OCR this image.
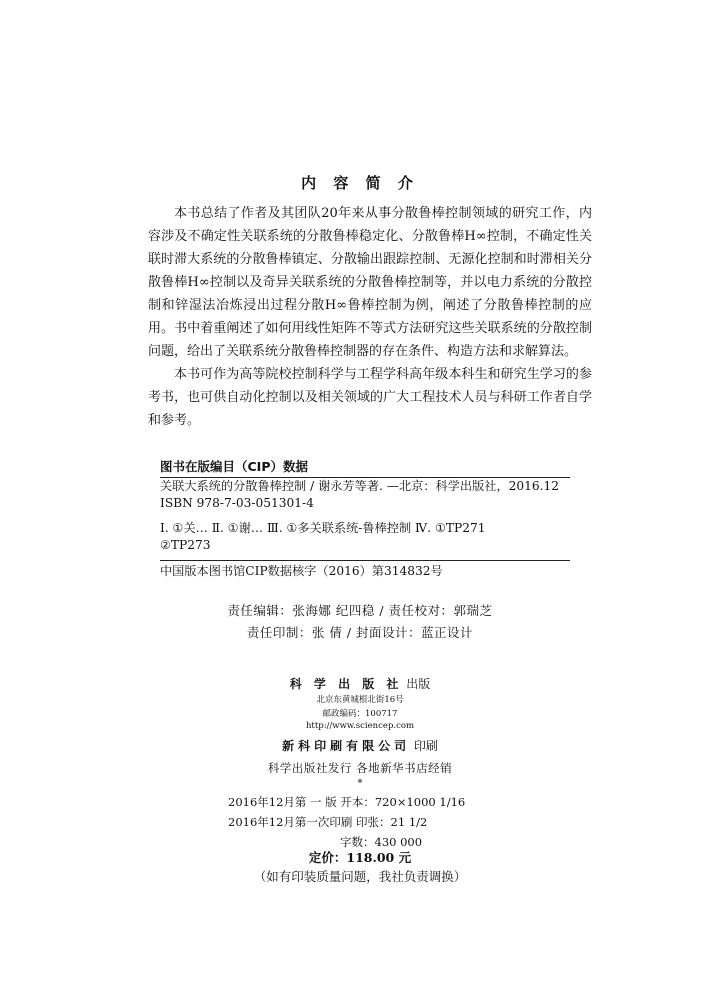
内 容 简 介

本书总结了作者及其团队20年来从事分散鲁棒控制领域的研究工作，内容涉及不确定性关联系统的分散鲁棒稳定化、分散鲁棒H∞控制，不确定性关联时滞大系统的分散鲁棒镇定、分散输出跟踪控制、无源化控制和时滞相关分散鲁棒H∞控制以及奇异关联系统的分散鲁棒控制等，并以电力系统的分散控制和锌湿法冶炼浸出过程分散H∞鲁棒控制为例，阐述了分散鲁棒控制的应用。书中着重阐述了如何用线性矩阵不等式方法研究这些关联系统的分散控制问题，给出了关联系统分散鲁棒控制器的存在条件、构造方法和求解算法。

本书可作为高等院校控制科学与工程学科高年级本科生和研究生学习的参考书，也可供自动化控制以及相关领域的广大工程技术人员与科研工作者自学和参考。

图书在版编目（CIP）数据
关联大系统的分散鲁棒控制 / 谢永芳等著. —北京：科学出版社，2016.12
ISBN 978-7-03-051301-4
Ⅰ. ①关… Ⅱ. ①谢… Ⅲ. ①多关联系统-鲁棒控制 Ⅳ. ①TP271
②TP273
中国版本图书馆CIP数据核字（2016）第314832号
责任编辑：张海娜 纪四稳 / 责任校对：郭瑞芝
责任印制：张 倩 / 封面设计：蓝正设计
科 学 出 版 社 出版
北京东黄城根北街16号
邮政编码：100717
http://www.sciencep.com
新科印刷有限公司 印刷
科学出版社发行 各地新华书店经销
*
2016年12月第 一 版 开本：720×1000 1/16
2016年12月第一次印刷 印张：21 1/2
字数：430 000
定价：118.00 元
（如有印装质量问题，我社负责调换）
